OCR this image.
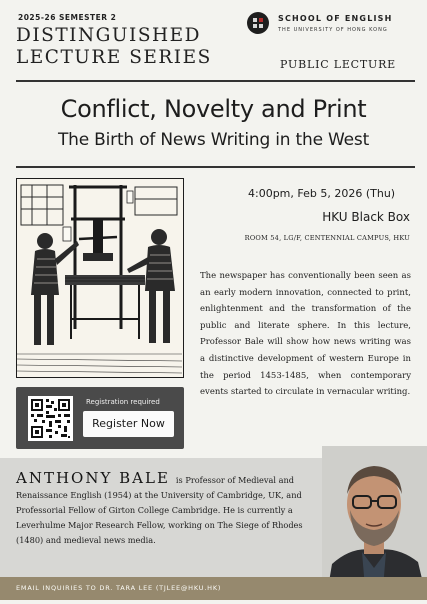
2025-26 SEMESTER 2
DISTINGUISHED
LECTURE SERIES
SCHOOL OF ENGLISH
THE UNIVERSITY OF HONG KONG
PUBLIC LECTURE
Conflict, Novelty and Print
The Birth of News Writing in the West
4:00pm, Feb 5, 2026 (Thu)
HKU Black Box
ROOM 54, LG/F, CENTENNIAL CAMPUS, HKU
The newspaper has conventionally been seen as an early modern innovation, connected to print, enlightenment and the transformation of the public and literate sphere. In this lecture, Professor Bale will show how news writing was a distinctive development of western Europe in the period 1453-1485, when contemporary events started to circulate in vernacular writing.
Registration required
Register Now
ANTHONY BALE is Professor of Medieval and Renaissance English (1954) at the University of Cambridge, UK, and Professorial Fellow of Girton College Cambridge. He is currently a Leverhulme Major Research Fellow, working on The Siege of Rhodes (1480) and medieval news media.
EMAIL INQUIRIES TO DR. TARA LEE (TJLEE@HKU.HK)
